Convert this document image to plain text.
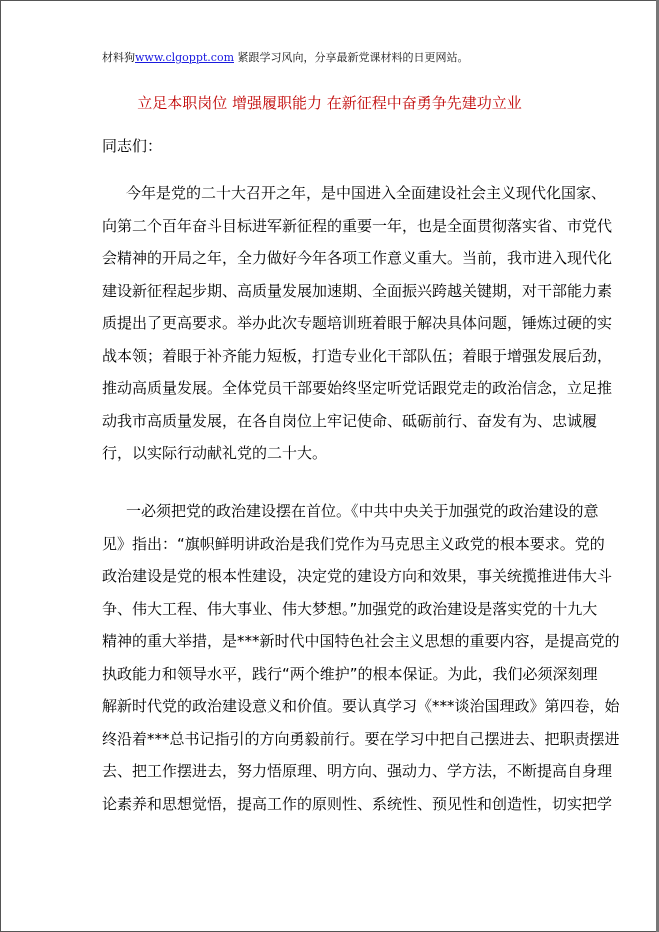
材料狗www.clgoppt.com 紧跟学习风向，分享最新党课材料的日更网站。
立足本职岗位 增强履职能力 在新征程中奋勇争先建功立业
同志们：
今年是党的二十大召开之年，是中国进入全面建设社会主义现代化国家、
向第二个百年奋斗目标进军新征程的重要一年，也是全面贯彻落实省、市党代
会精神的开局之年，全力做好今年各项工作意义重大。当前，我市进入现代化
建设新征程起步期、高质量发展加速期、全面振兴跨越关键期，对干部能力素
质提出了更高要求。举办此次专题培训班着眼于解决具体问题，锤炼过硬的实
战本领；着眼于补齐能力短板，打造专业化干部队伍；着眼于增强发展后劲，
推动高质量发展。全体党员干部要始终坚定听党话跟党走的政治信念，立足推
动我市高质量发展，在各自岗位上牢记使命、砥砺前行、奋发有为、忠诚履
行，以实际行动献礼党的二十大。
一必须把党的政治建设摆在首位。《中共中央关于加强党的政治建设的意
见》指出：“旗帜鲜明讲政治是我们党作为马克思主义政党的根本要求。党的
政治建设是党的根本性建设，决定党的建设方向和效果，事关统揽推进伟大斗
争、伟大工程、伟大事业、伟大梦想。”加强党的政治建设是落实党的十九大
精神的重大举措，是***新时代中国特色社会主义思想的重要内容，是提高党的
执政能力和领导水平，践行“两个维护”的根本保证。为此，我们必须深刻理
解新时代党的政治建设意义和价值。要认真学习《***谈治国理政》第四卷，始
终沿着***总书记指引的方向勇毅前行。要在学习中把自己摆进去、把职责摆进
去、把工作摆进去，努力悟原理、明方向、强动力、学方法，不断提高自身理
论素养和思想觉悟，提高工作的原则性、系统性、预见性和创造性，切实把学
